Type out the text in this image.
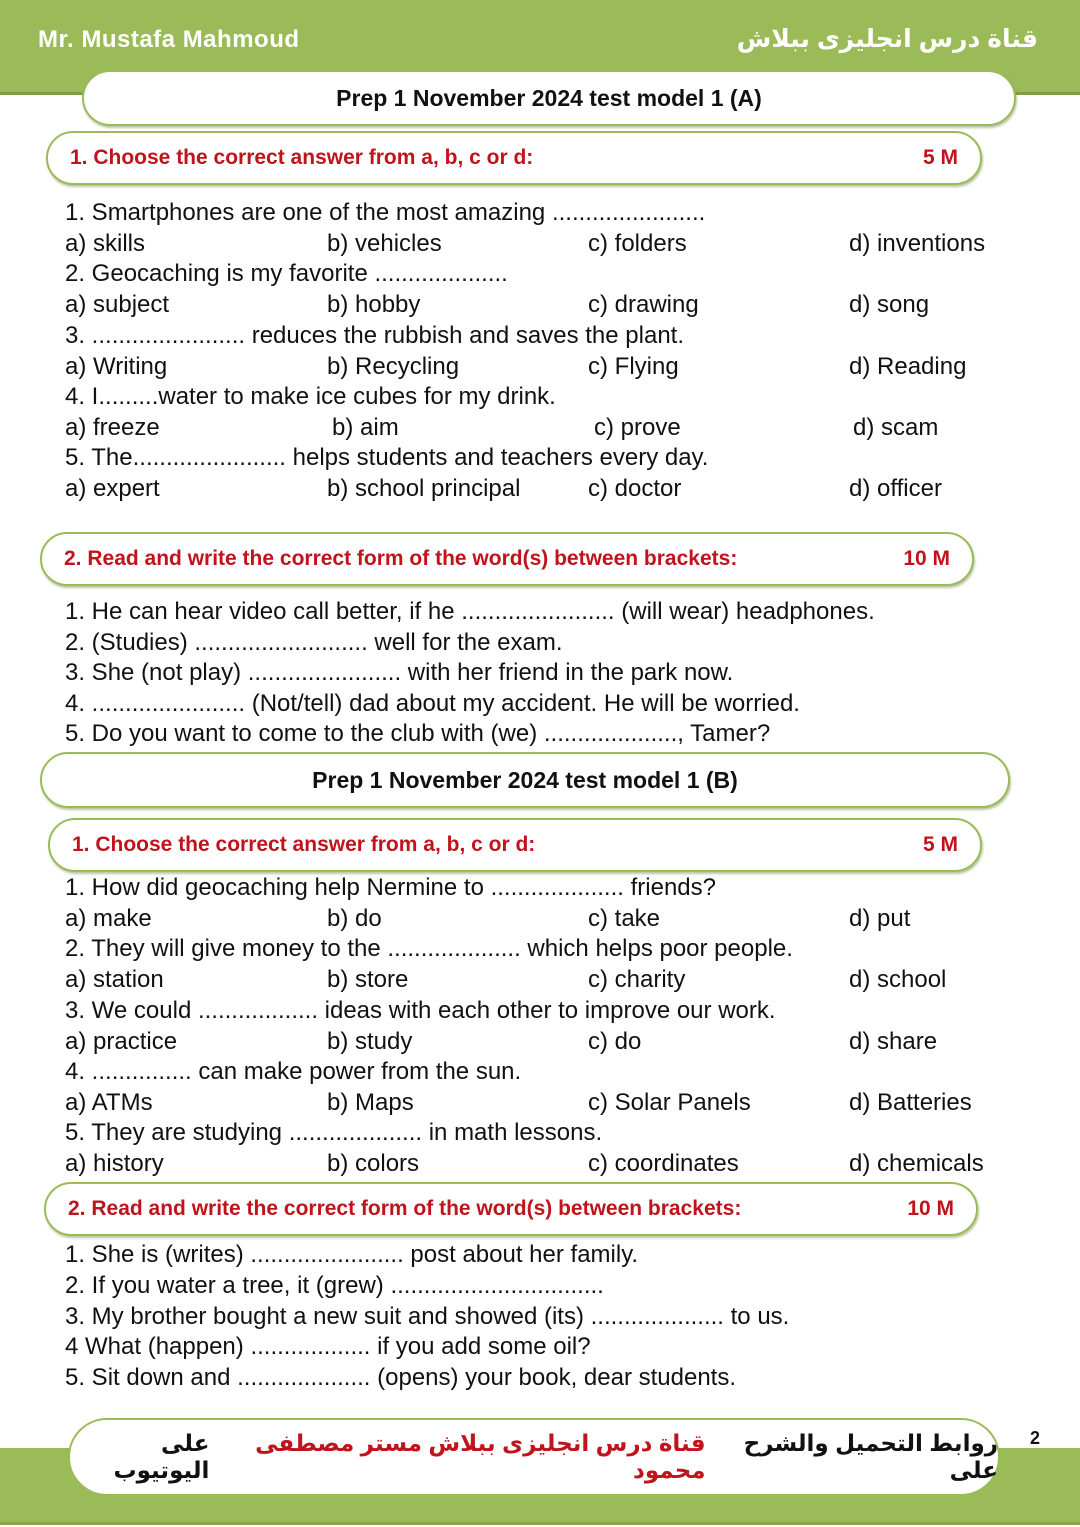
Mr. Mustafa Mahmoud	قناة درس انجليزى ببلاش
Prep 1 November 2024 test model 1 (A)
1. Choose the correct answer from a, b, c or d:	5 M
1. Smartphones are one of the most amazing .......................
a) skills	b) vehicles	c) folders	d) inventions
2. Geocaching is my favorite ....................
a) subject	b) hobby	c) drawing	d) song
3. ....................... reduces the rubbish and saves the plant.
a) Writing	b) Recycling	c) Flying	d) Reading
4. I.........water to make ice cubes for my drink.
a) freeze	b) aim	c) prove	d) scam
5. The....................... helps students and teachers every day.
a) expert	b) school principal	c) doctor	d) officer
2. Read and write the correct form of the word(s) between brackets:	10 M
1. He can hear video call better, if he ....................... (will wear) headphones.
2. (Studies) .......................... well for the exam.
3. She (not play) ....................... with her friend in the park now.
4. ....................... (Not/tell) dad about my accident. He will be worried.
5. Do you want to come to the club with (we) ...................., Tamer?
Prep 1 November 2024 test model 1 (B)
1. Choose the correct answer from a, b, c or d:	5 M
1. How did geocaching help Nermine to .................... friends?
a) make	b) do	c) take	d) put
2. They will give money to the .................... which helps poor people.
a) station	b) store	c) charity	d) school
3. We could .................. ideas with each other to improve our work.
a) practice	b) study	c) do	d) share
4. ............... can make power from the sun.
a) ATMs	b) Maps	c) Solar Panels	d) Batteries
5. They are studying .................... in math lessons.
a) history	b) colors	c) coordinates	d) chemicals
2. Read and write the correct form of the word(s) between brackets:	10 M
1. She is (writes) ....................... post about her family.
2. If you water a tree, it (grew) ................................
3. My brother bought a new suit and showed (its) .................... to us.
4 What (happen) .................. if you add some oil?
5. Sit down and .................... (opens) your book, dear students.
روابط التحميل والشرح على

قناة درس انجليزى ببلاش مستر مصطفى محمود

على اليوتيوب
2
